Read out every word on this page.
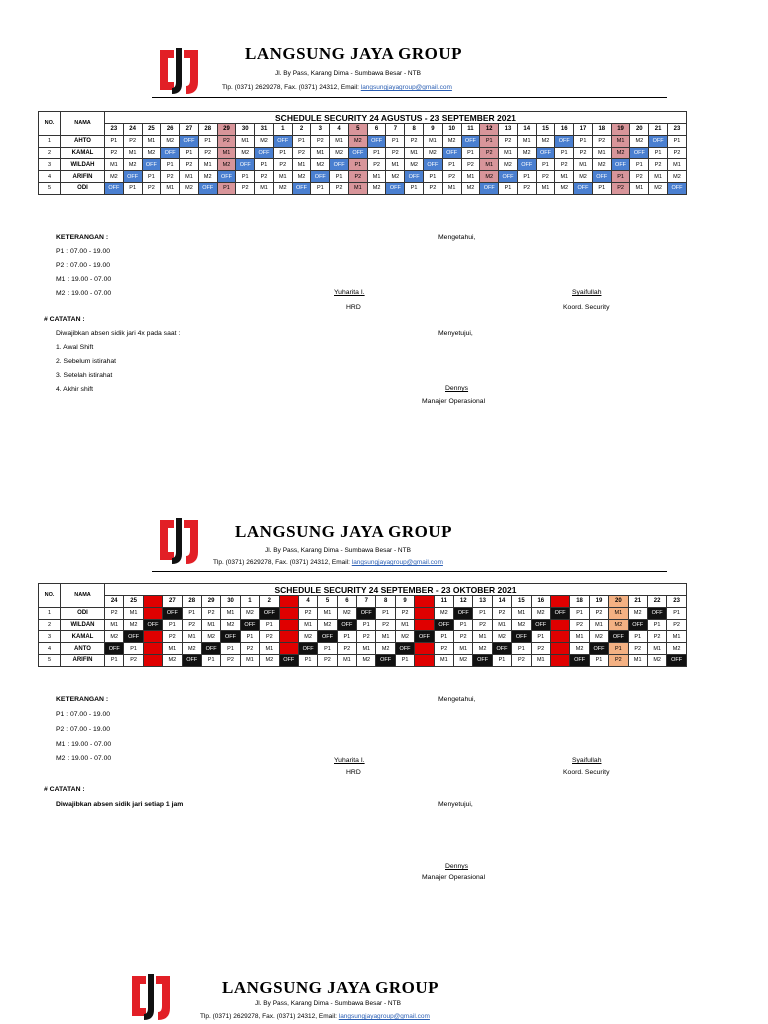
LANGSUNG JAYA GROUP
Jl. By Pass, Karang Dima - Sumbawa Besar - NTB
Tlp. (0371) 2629278, Fax. (0371) 24312, Email: langsungjayagroup@gmail.com
NO.	NAMA	SCHEDULE SECURITY 24 AGUSTUS - 23 SEPTEMBER 2021																														
		23	24	25	26	27	28	29	30	31	1	2	3	4	5	6	7	8	9	10	11	12	13	14	15	16	17	18	19	20	21	23
1	AHTO	P1	P2	M1	M2	OFF	P1	P2	M1	M2	OFF	P1	P2	M1	M2	OFF	P1	P2	M1	M2	OFF	P1	P2	M1	M2	OFF	P1	P2	M1	M2	OFF	P1
2	KAMAL	P2	M1	M2	OFF	P1	P2	M1	M2	OFF	P1	P2	M1	M2	OFF	P1	P2	M1	M2	OFF	P1	P2	M1	M2	OFF	P1	P2	M1	M2	OFF	P1	P2
3	WILDAH	M1	M2	OFF	P1	P2	M1	M2	OFF	P1	P2	M1	M2	OFF	P1	P2	M1	M2	OFF	P1	P2	M1	M2	OFF	P1	P2	M1	M2	OFF	P1	P2	M1
4	ARIFIN	M2	OFF	P1	P2	M1	M2	OFF	P1	P2	M1	M2	OFF	P1	P2	M1	M2	OFF	P1	P2	M1	M2	OFF	P1	P2	M1	M2	OFF	P1	P2	M1	M2
5	ODI	OFF	P1	P2	M1	M2	OFF	P1	P2	M1	M2	OFF	P1	P2	M1	M2	OFF	P1	P2	M1	M2	OFF	P1	P2	M1	M2	OFF	P1	P2	M1	M2	OFF
KETERANGAN :
P1 : 07.00 - 19.00
P2 : 07.00 - 19.00
M1 : 19.00 - 07.00
M2 : 19.00 - 07.00
# CATATAN :
Diwajibkan absen sidik jari 4x pada saat :
1. Awal Shift
2. Sebelum istirahat
3. Setelah istirahat
4. Akhir shift
Mengetahui,
Yuharita I.
HRD
Syaifullah
Koord. Security
Menyetujui,
Dennys
Manajer Operasional
LANGSUNG JAYA GROUP
Jl. By Pass, Karang Dima - Sumbawa Besar - NTB
Tlp. (0371) 2629278, Fax. (0371) 24312, Email: langsungjayagroup@gmail.com
NO.	NAMA	SCHEDULE SECURITY 24 SEPTEMBER - 23 OKTOBER 2021																													
		24	25	26	27	28	29	30	1	2	3	4	5	6	7	8	9	10	11	12	13	14	15	16	17	18	19	20	21	22	23
1	ODI	P2	M1	M2	OFF	P1	P2	M1	M2	OFF	P1	P2	M1	M2	OFF	P1	P2	M1	M2	OFF	P1	P2	M1	M2	OFF	P1	P2	M1	M2	OFF	P1
2	WILDAN	M1	M2	OFF	P1	P2	M1	M2	OFF	P1	P2	M1	M2	OFF	P1	P2	M1	M2	OFF	P1	P2	M1	M2	OFF	P1	P2	M1	M2	OFF	P1	P2
3	KAMAL	M2	OFF	P1	P2	M1	M2	OFF	P1	P2	M1	M2	OFF	P1	P2	M1	M2	OFF	P1	P2	M1	M2	OFF	P1	P2	M1	M2	OFF	P1	P2	M1
4	ANTO	OFF	P1	P2	M1	M2	OFF	P1	P2	M1	M2	OFF	P1	P2	M1	M2	OFF	P1	P2	M1	M2	OFF	P1	P2	M1	M2	OFF	P1	P2	M1	M2
5	ARIFIN	P1	P2	M1	M2	OFF	P1	P2	M1	M2	OFF	P1	P2	M1	M2	OFF	P1	P2	M1	M2	OFF	P1	P2	M1	M2	OFF	P1	P2	M1	M2	OFF
KETERANGAN :
P1 : 07.00 - 19.00
P2 : 07.00 - 19.00
M1 : 19.00 - 07.00
M2 : 19.00 - 07.00
# CATATAN :
Diwajibkan absen sidik jari setiap 1 jam
Mengetahui,
Yuharita I.
HRD
Syaifullah
Koord. Security
Menyetujui,
Dennys
Manajer Operasional
LANGSUNG JAYA GROUP
Jl. By Pass, Karang Dima - Sumbawa Besar - NTB
Tlp. (0371) 2629278, Fax. (0371) 24312, Email: langsungjayagroup@gmail.com
